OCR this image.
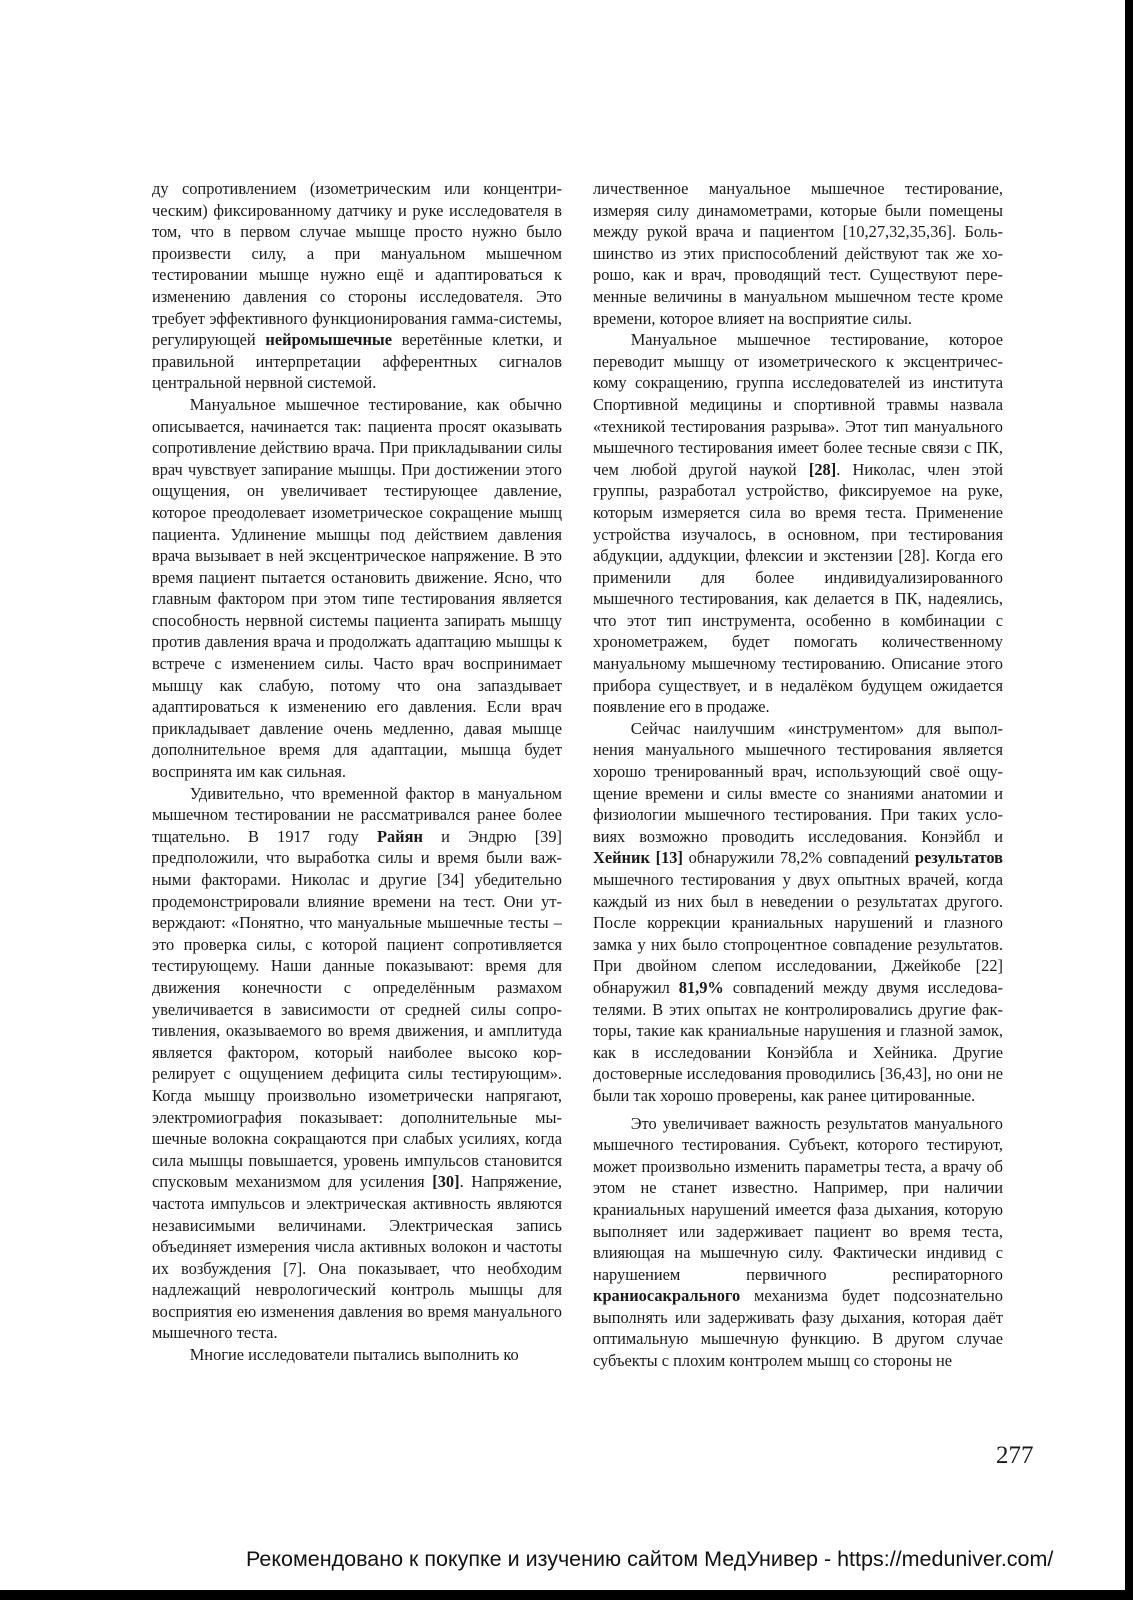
ду сопротивлением (изометрическим или концентрическим) фиксированному датчику и руке исследователя в том, что в первом случае мышце просто нужно было произвести силу, а при мануальном мышечном тестировании мышце нужно ещё и адаптироваться к изменению давления со стороны исследователя. Это требует эффективного функционирования гамма-системы, регулирующей нейромышечные веретённые клетки, и правильной интерпретации афферентных сигналов центральной нервной системой.

Мануальное мышечное тестирование, как обычно описывается, начинается так: пациента просят оказывать сопротивление действию врача. При прикладывании силы врач чувствует запирание мышцы. При достижении этого ощущения, он увеличивает тестирующее давление, которое преодолевает изометрическое сокращение мышц пациента. Удлинение мышцы под действием давления врача вызывает в ней эксцентрическое напряжение. В это время пациент пытается остановить движение. Ясно, что главным фактором при этом типе тестирования является способность нервной системы пациента запирать мышцу против давления врача и продолжать адаптацию мышцы к встрече с изменением силы. Часто врач воспринимает мышцу как слабую, потому что она запаздывает адаптироваться к изменению его давления. Если врач прикладывает давление очень медленно, давая мышце дополнительное время для адаптации, мышца будет воспринята им как сильная.

Удивительно, что временной фактор в мануальном мышечном тестировании не рассматривался ранее более тщательно. В 1917 году Райян и Эндрю [39] предположили, что выработка силы и время были важными факторами. Николас и другие [34] убедительно продемонстрировали влияние времени на тест. Они утверждают: «Понятно, что мануальные мышечные тесты – это проверка силы, с которой пациент сопротивляется тестирующему. Наши данные показывают: время для движения конечности с определённым размахом увеличивается в зависимости от средней силы сопротивления, оказываемого во время движения, и амплитуда является фактором, который наиболее высоко коррелирует с ощущением дефицита силы тестирующим». Когда мышцу произвольно изометрически напрягают, электромиография показывает: дополнительные мышечные волокна сокращаются при слабых усилиях, когда сила мышцы повышается, уровень импульсов становится спусковым механизмом для усиления [30]. Напряжение, частота импульсов и электрическая активность являются независимыми величинами. Электрическая запись объединяет измерения числа активных волокон и частоты их возбуждения [7]. Она показывает, что необходим надлежащий неврологический контроль мышцы для восприятия ею изменения давления во время мануального мышечного теста.

Многие исследователи пытались выполнить ко

личественное мануальное мышечное тестирование, измеряя силу динамометрами, которые были помещены между рукой врача и пациентом [10,27,32,35,36]. Большинство из этих приспособлений действуют так же хорошо, как и врач, проводящий тест. Существуют переменные величины в мануальном мышечном тесте кроме времени, которое влияет на восприятие силы.

Мануальное мышечное тестирование, которое переводит мышцу от изометрического к эксцентрическому сокращению, группа исследователей из института Спортивной медицины и спортивной травмы назвала «техникой тестирования разрыва». Этот тип мануального мышечного тестирования имеет более тесные связи с ПК, чем любой другой наукой [28]. Николас, член этой группы, разработал устройство, фиксируемое на руке, которым измеряется сила во время теста. Применение устройства изучалось, в основном, при тестирования абдукции, аддукции, флексии и экстензии [28]. Когда его применили для более индивидуализированного мышечного тестирования, как делается в ПК, надеялись, что этот тип инструмента, особенно в комбинации с хронометражем, будет помогать количественному мануальному мышечному тестированию. Описание этого прибора существует, и в недалёком будущем ожидается появление его в продаже.

Сейчас наилучшим «инструментом» для выполнения мануального мышечного тестирования является хорошо тренированный врач, использующий своё ощущение времени и силы вместе со знаниями анатомии и физиологии мышечного тестирования. При таких условиях возможно проводить исследования. Конэйбл и Хейник [13] обнаружили 78,2% совпадений результатов мышечного тестирования у двух опытных врачей, когда каждый из них был в неведении о результатах другого. После коррекции краниальных нарушений и глазного замка у них было стопроцентное совпадение результатов. При двойном слепом исследовании, Джейкобе [22] обнаружил 81,9% совпадений между двумя исследователями. В этих опытах не контролировались другие факторы, такие как краниальные нарушения и глазной замок, как в исследовании Конэйбла и Хейника. Другие достоверные исследования проводились [36,43], но они не были так хорошо проверены, как ранее цитированные.

Это увеличивает важность результатов мануального мышечного тестирования. Субъект, которого тестируют, может произвольно изменить параметры теста, а врачу об этом не станет известно. Например, при наличии краниальных нарушений имеется фаза дыхания, которую выполняет или задерживает пациент во время теста, влияющая на мышечную силу. Фактически индивид с нарушением первичного респираторного краниосакрального механизма будет подсознательно выполнять или задерживать фазу дыхания, которая даёт оптимальную мышечную функцию. В другом случае субъекты с плохим контролем мышц со стороны не

277
Рекомендовано к покупке и изучению сайтом МедУнивер - https://meduniver.com/
